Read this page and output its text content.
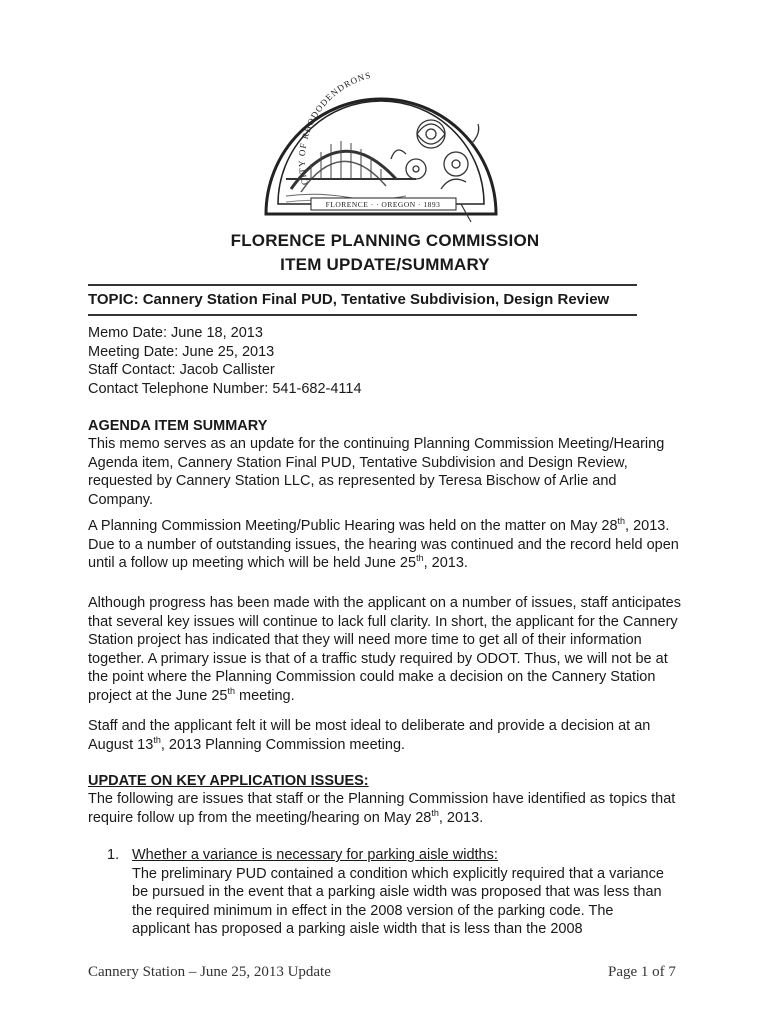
CITY OF RHODODENDRONS
FLORENCE · · OREGON · 1893
FLORENCE PLANNING COMMISSION
ITEM UPDATE/SUMMARY
TOPIC: Cannery Station Final PUD, Tentative Subdivision, Design Review
Memo Date: June 18, 2013
Meeting Date: June 25, 2013
Staff Contact: Jacob Callister
Contact Telephone Number: 541-682-4114
AGENDA ITEM SUMMARY
This memo serves as an update for the continuing Planning Commission Meeting/Hearing Agenda item, Cannery Station Final PUD, Tentative Subdivision and Design Review, requested by Cannery Station LLC, as represented by Teresa Bischow of Arlie and Company.
A Planning Commission Meeting/Public Hearing was held on the matter on May 28th, 2013. Due to a number of outstanding issues, the hearing was continued and the record held open until a follow up meeting which will be held June 25th, 2013.
Although progress has been made with the applicant on a number of issues, staff anticipates that several key issues will continue to lack full clarity. In short, the applicant for the Cannery Station project has indicated that they will need more time to get all of their information together. A primary issue is that of a traffic study required by ODOT. Thus, we will not be at the point where the Planning Commission could make a decision on the Cannery Station project at the June 25th meeting.
Staff and the applicant felt it will be most ideal to deliberate and provide a decision at an August 13th, 2013 Planning Commission meeting.
UPDATE ON KEY APPLICATION ISSUES:
The following are issues that staff or the Planning Commission have identified as topics that require follow up from the meeting/hearing on May 28th, 2013.
1. Whether a variance is necessary for parking aisle widths:
The preliminary PUD contained a condition which explicitly required that a variance be pursued in the event that a parking aisle width was proposed that was less than the required minimum in effect in the 2008 version of the parking code. The applicant has proposed a parking aisle width that is less than the 2008
Cannery Station – June 25, 2013 Update	Page 1 of 7
